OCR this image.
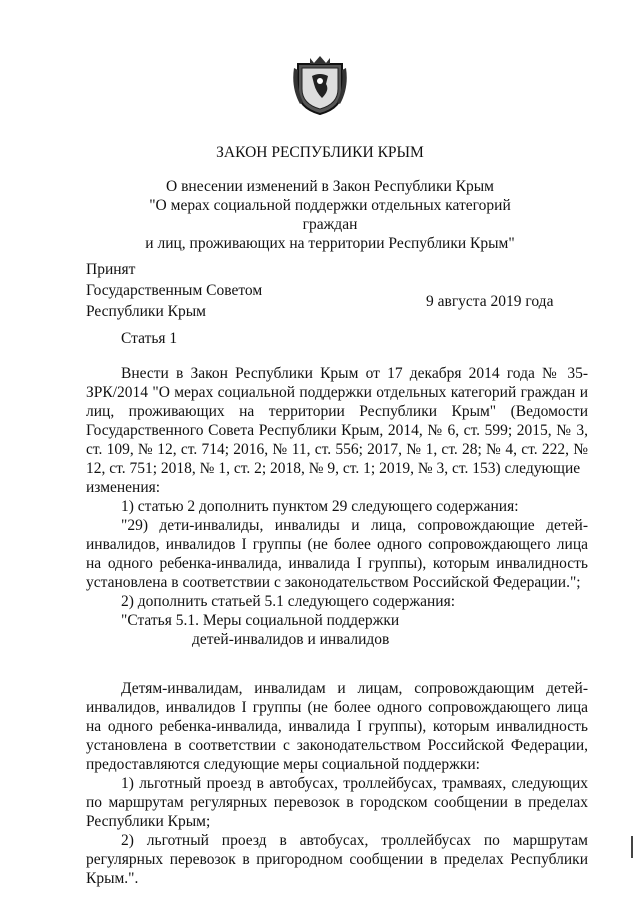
ЗАКОН РЕСПУБЛИКИ КРЫМ
О внесении изменений в Закон Республики Крым
"О мерах социальной поддержки отдельных категорий граждан
и лиц, проживающих на территории Республики Крым"
Принят
Государственным Советом
Республики Крым
9 августа 2019 года
Статья 1

Внести в Закон Республики Крым от 17 декабря 2014 года № 35-ЗРК/2014 "О мерах социальной поддержки отдельных категорий граждан и лиц, проживающих на территории Республики Крым" (Ведомости Государственного Совета Республики Крым, 2014, № 6, ст. 599; 2015, № 3, ст. 109, № 12, ст. 714; 2016, № 11, ст. 556; 2017, № 1, ст. 28; № 4, ст. 222, № 12, ст. 751; 2018, № 1, ст. 2; 2018, № 9, ст. 1; 2019, № 3, ст. 153) следующие

изменения:

1) статью 2 дополнить пунктом 29 следующего содержания:

"29) дети-инвалиды, инвалиды и лица, сопровождающие детей-инвалидов, инвалидов I группы (не более одного сопровождающего лица на одного ребенка-инвалида, инвалида I группы), которым инвалидность установлена в соответствии с законодательством Российской Федерации.";

2) дополнить статьей 5.1 следующего содержания:

"Статья 5.1. Меры социальной поддержки
детей-инвалидов и инвалидов

Детям-инвалидам, инвалидам и лицам, сопровождающим детей-инвалидов, инвалидов I группы (не более одного сопровождающего лица на одного ребенка-инвалида, инвалида I группы), которым инвалидность установлена в соответствии с законодательством Российской Федерации, предоставляются следующие меры социальной поддержки:

1) льготный проезд в автобусах, троллейбусах, трамваях, следующих по маршрутам регулярных перевозок в городском сообщении в пределах Республики Крым;

2) льготный проезд в автобусах, троллейбусах по маршрутам регулярных перевозок в пригородном сообщении в пределах Республики Крым.".
